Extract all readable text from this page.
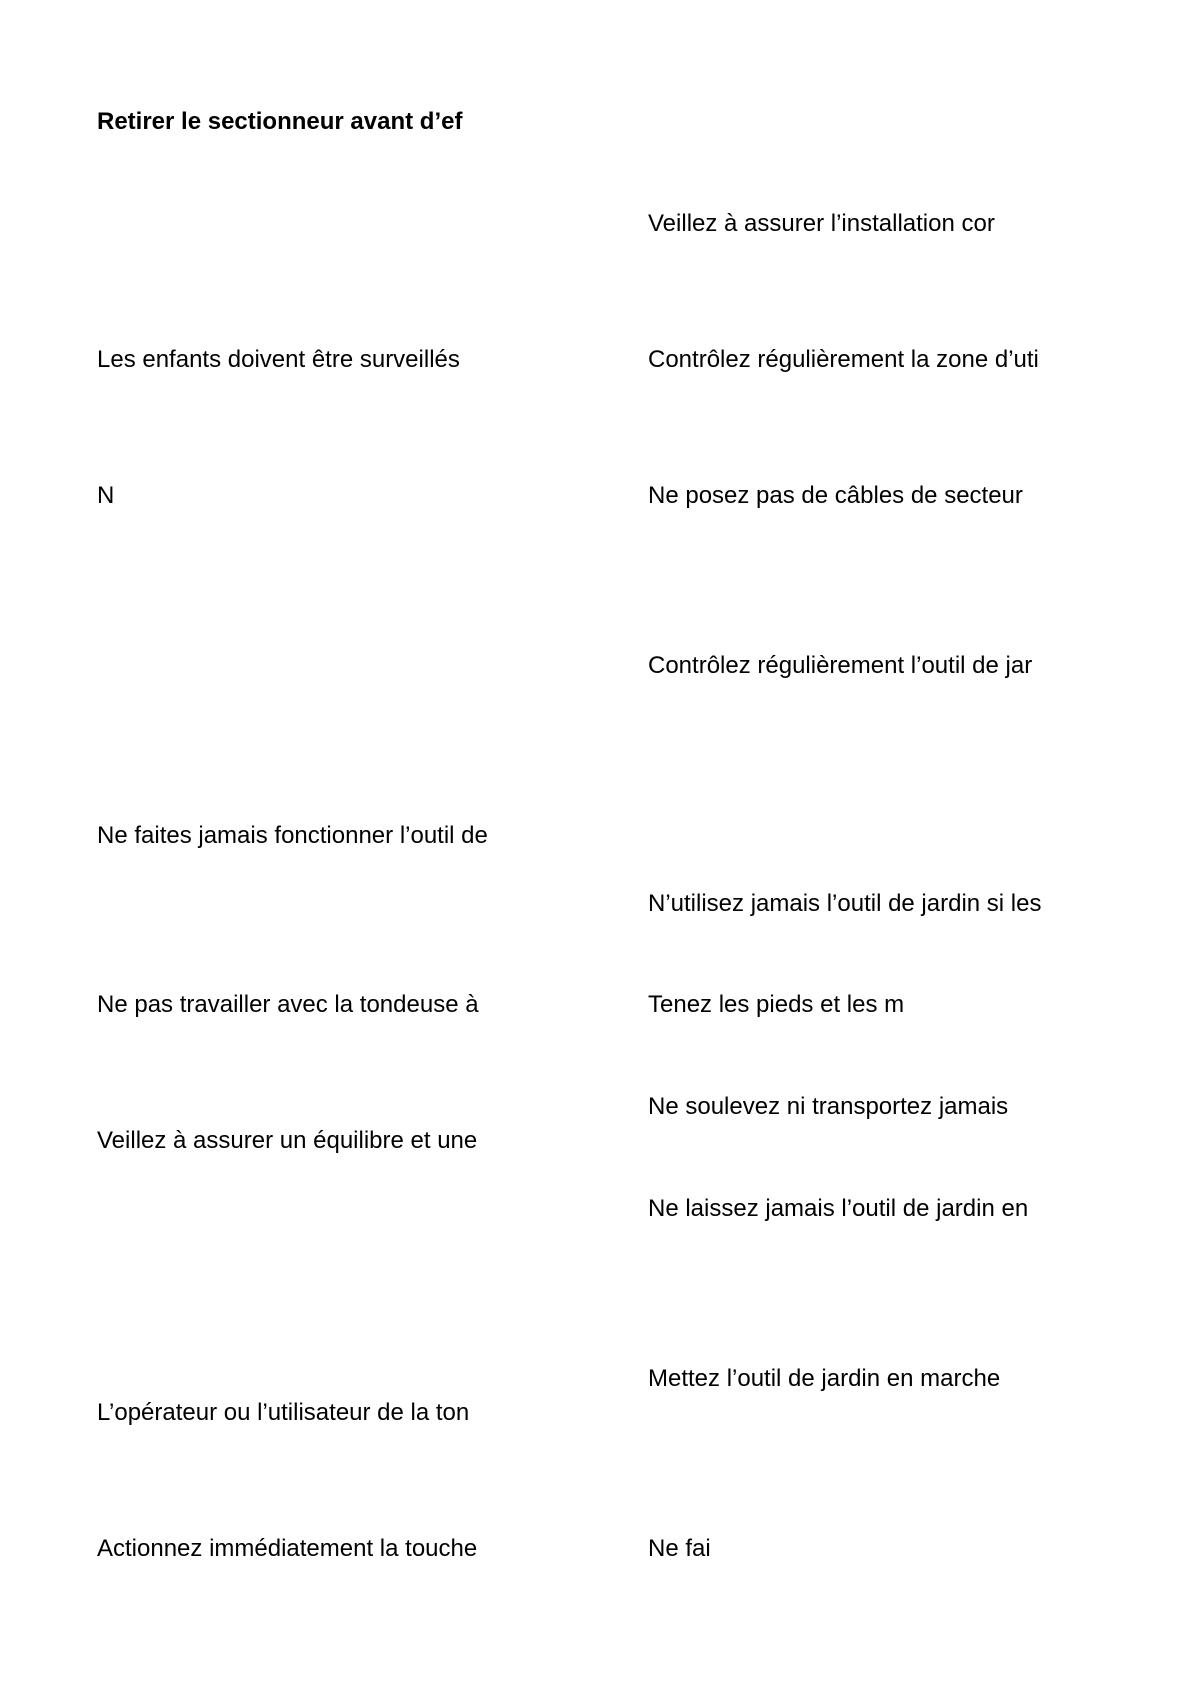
Retirer le sectionneur avant d’ef
Les enfants doivent être surveillés
N
Ne faites jamais fonctionner l’outil de
Ne pas travailler avec la tondeuse à
Veillez à assurer un équilibre et une
L’opérateur ou l’utilisateur de la ton
Actionnez immédiatement la touche
Veillez à assurer l’installation cor
Contrôlez régulièrement la zone d’uti
Ne posez pas de câbles de secteur
Contrôlez régulièrement l’outil de jar
N’utilisez jamais l’outil de jardin si les
Tenez les pieds et les m
Ne soulevez ni transportez jamais
Ne laissez jamais l’outil de jardin en
Mettez l’outil de jardin en marche
Ne fai
